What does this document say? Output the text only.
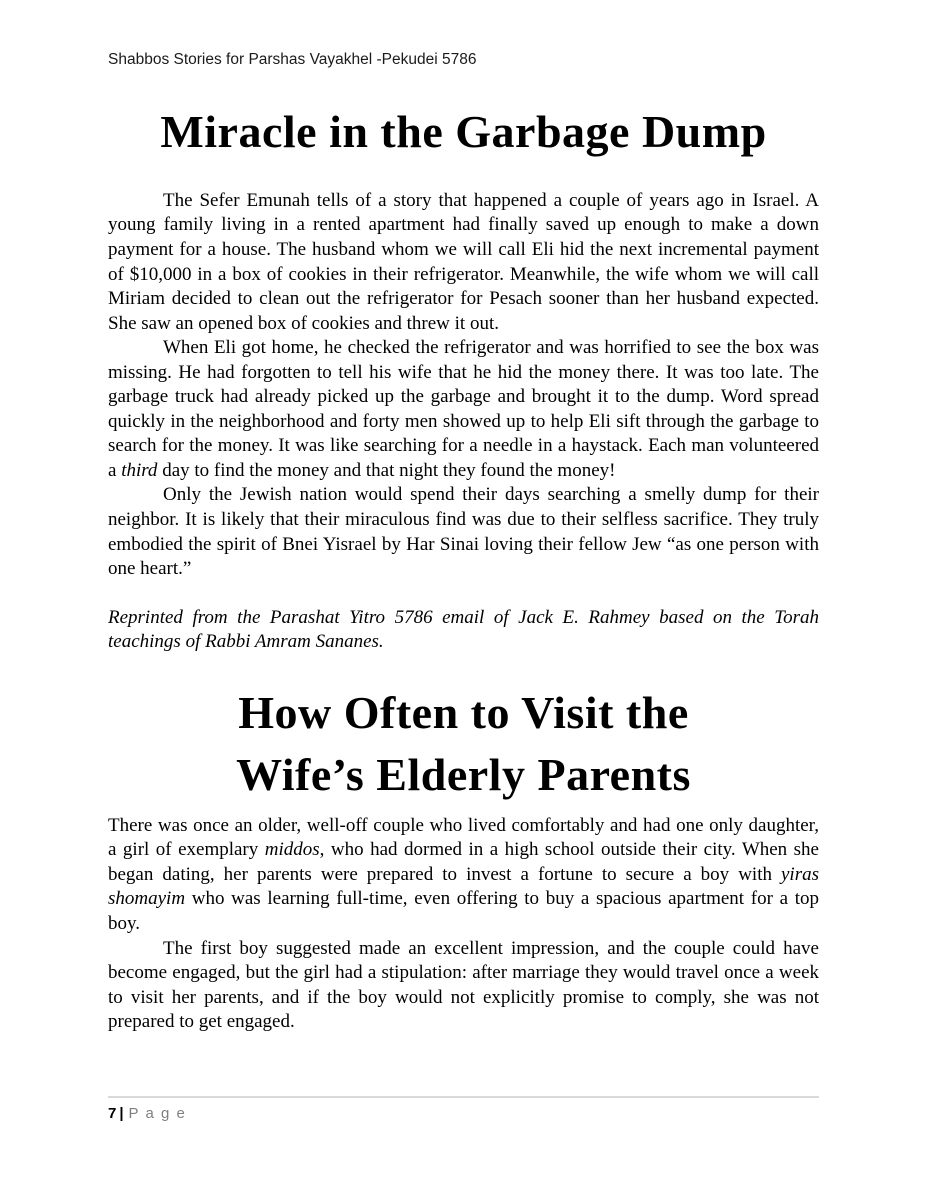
Shabbos Stories for Parshas Vayakhel -Pekudei 5786
Miracle in the Garbage Dump

The Sefer Emunah tells of a story that happened a couple of years ago in Israel. A young family living in a rented apartment had finally saved up enough to make a down payment for a house. The husband whom we will call Eli hid the next incremental payment of $10,000 in a box of cookies in their refrigerator. Meanwhile, the wife whom we will call Miriam decided to clean out the refrigerator for Pesach sooner than her husband expected. She saw an opened box of cookies and threw it out.

When Eli got home, he checked the refrigerator and was horrified to see the box was missing. He had forgotten to tell his wife that he hid the money there. It was too late. The garbage truck had already picked up the garbage and brought it to the dump. Word spread quickly in the neighborhood and forty men showed up to help Eli sift through the garbage to search for the money. It was like searching for a needle in a haystack. Each man volunteered a third day to find the money and that night they found the money!

Only the Jewish nation would spend their days searching a smelly dump for their neighbor. It is likely that their miraculous find was due to their selfless sacrifice. They truly embodied the spirit of Bnei Yisrael by Har Sinai loving their fellow Jew “as one person with one heart.”

Reprinted from the Parashat Yitro 5786 email of Jack E. Rahmey based on the Torah teachings of Rabbi Amram Sananes.

How Often to Visit the
Wife’s Elderly Parents

There was once an older, well-off couple who lived comfortably and had one only daughter, a girl of exemplary middos, who had dormed in a high school outside their city. When she began dating, her parents were prepared to invest a fortune to secure a boy with yiras shomayim who was learning full-time, even offering to buy a spacious apartment for a top boy.

The first boy suggested made an excellent impression, and the couple could have become engaged, but the girl had a stipulation: after marriage they would travel once a week to visit her parents, and if the boy would not explicitly promise to comply, she was not prepared to get engaged.

7 | P a g e
